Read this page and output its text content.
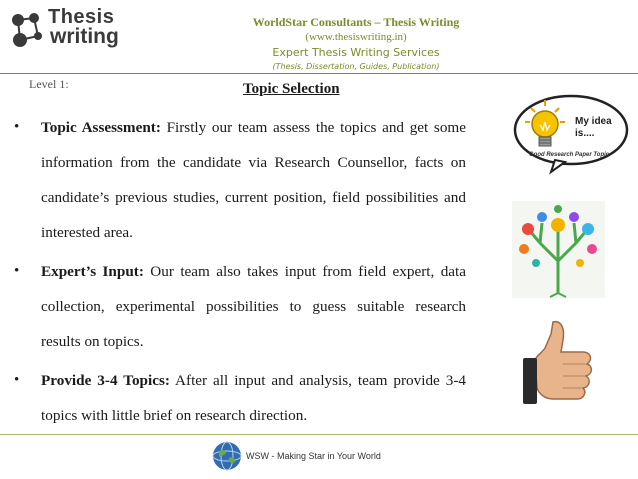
Thesis
writing
WorldStar Consultants – Thesis Writing
(www.thesiswriting.in)
Expert Thesis Writing Services
(Thesis, Dissertation, Guides, Publication)
Level 1:	Topic Selection
• Topic Assessment: Firstly our team assess the topics and get some information from the candidate via Research Counsellor, facts on candidate’s previous studies, current position, field possibilities and interested area.
• Expert’s Input: Our team also takes input from field expert, data collection, experimental possibilities to guess suitable research results on topics.
• Provide 3-4 Topics: After all input and analysis, team provide 3-4 topics with little brief on research direction.
My idea
is....
Good Research Paper Topic
WSW - Making Star in Your World
